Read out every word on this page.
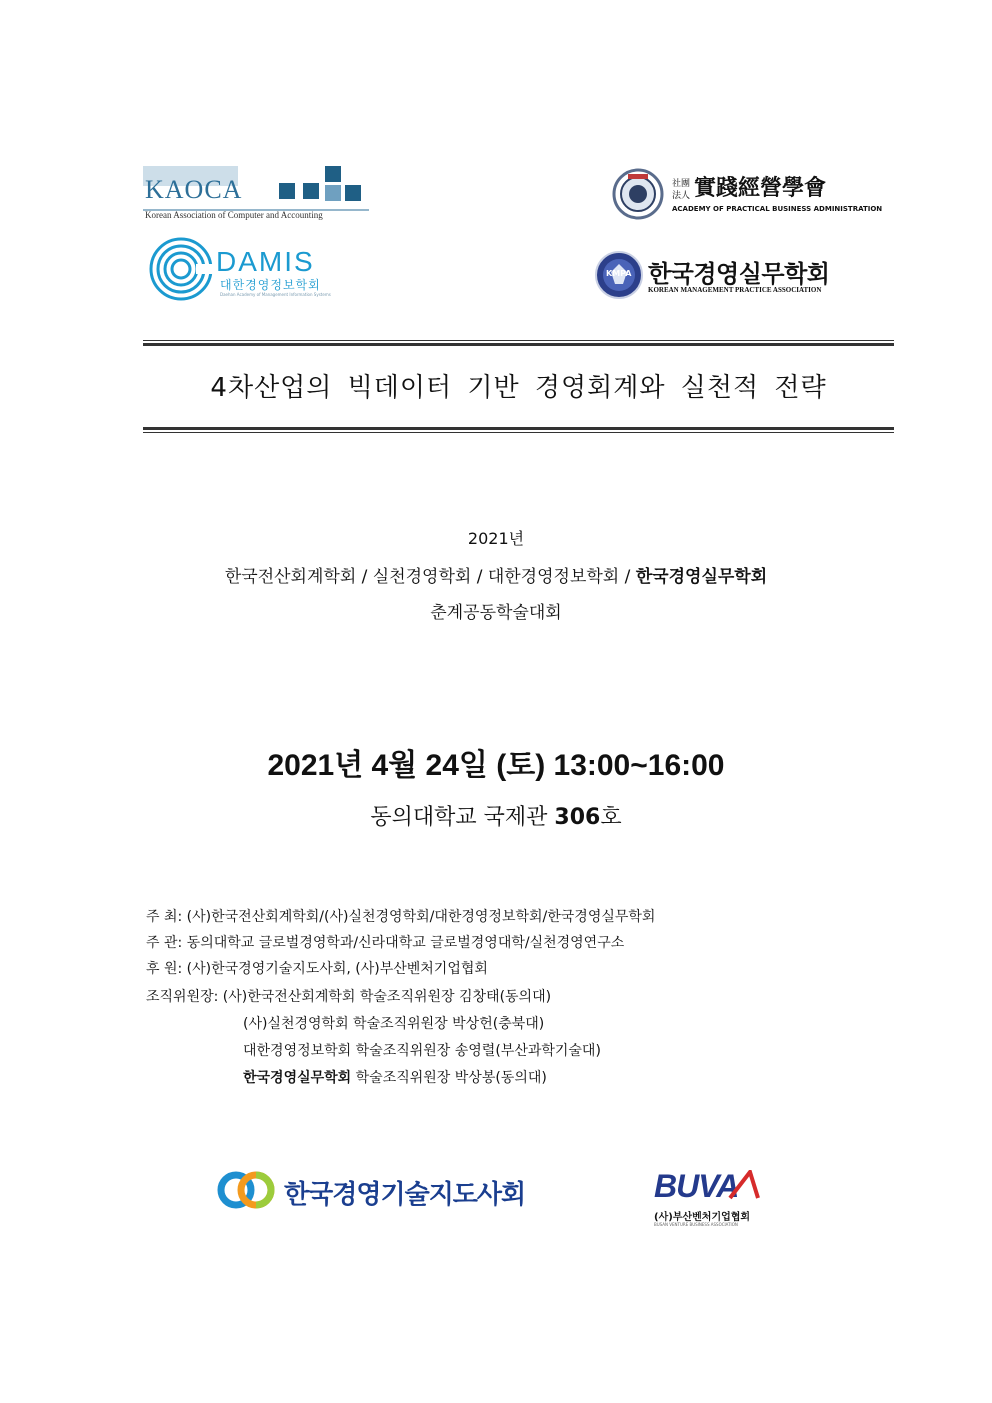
KAOCA
Korean Association of Computer and Accounting
DAMIS
대한경영정보학회
Daehan Academy of Management Information Systems
社團
法人 實踐經營學會
ACADEMY OF PRACTICAL BUSINESS ADMINISTRATION
KMPA 한국경영실무학회
KOREAN MANAGEMENT PRACTICE ASSOCIATION
4차산업의 빅데이터 기반 경영회계와 실천적 전략
2021년
한국전산회계학회 / 실천경영학회 / 대한경영정보학회 / 한국경영실무학회
춘계공동학술대회
2021년 4월 24일 (토) 13:00~16:00
동의대학교 국제관 306호
주 최: (사)한국전산회계학회/(사)실천경영학회/대한경영정보학회/한국경영실무학회
주 관: 동의대학교 글로벌경영학과/신라대학교 글로벌경영대학/실천경영연구소
후 원: (사)한국경영기술지도사회, (사)부산벤처기업협회
조직위원장: (사)한국전산회계학회 학술조직위원장 김창태(동의대)
(사)실천경영학회 학술조직위원장 박상헌(충북대)
대한경영정보학회 학술조직위원장 송영렬(부산과학기술대)
한국경영실무학회 학술조직위원장 박상봉(동의대)
한국경영기술지도사회	BUVA
(사)부산벤처기업협회
BUSAN VENTURE BUSINESS ASSOCIATION
